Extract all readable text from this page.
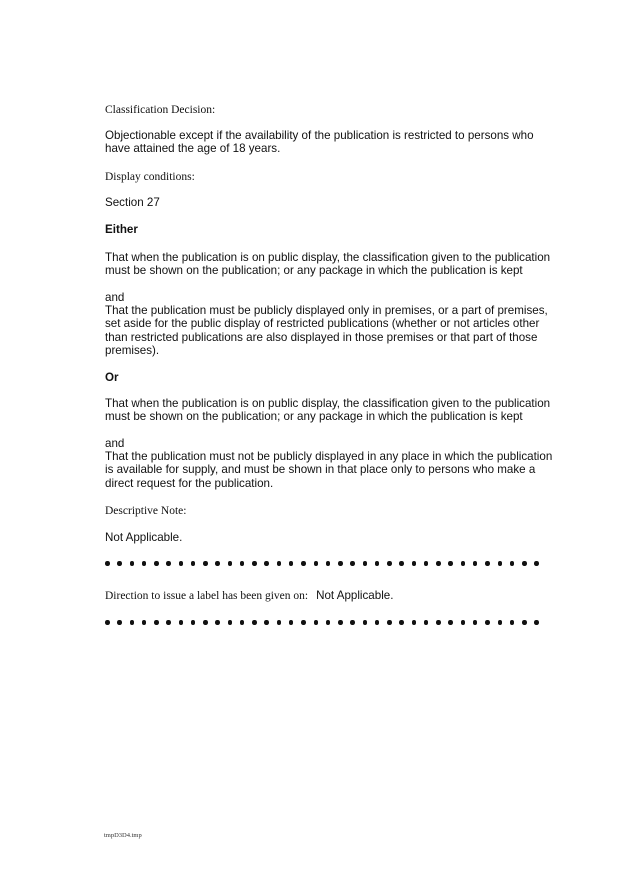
Classification Decision:

Objectionable except if the availability of the publication is restricted to persons who have attained the age of 18 years.

Display conditions:

Section 27

Either

That when the publication is on public display, the classification given to the publication must be shown on the publication; or any package in which the publication is kept

and

That the publication must be publicly displayed only in premises, or a part of premises, set aside for the public display of restricted publications (whether or not articles other than restricted publications are also displayed in those premises or that part of those premises).

Or

That when the publication is on public display, the classification given to the publication must be shown on the publication; or any package in which the publication is kept

and

That the publication must not be publicly displayed in any place in which the publication is available for supply, and must be shown in that place only to persons who make a direct request for the publication.

Descriptive Note:

Not Applicable.

Direction to issue a label has been given on: Not Applicable.
tmpD3D4.tmp
